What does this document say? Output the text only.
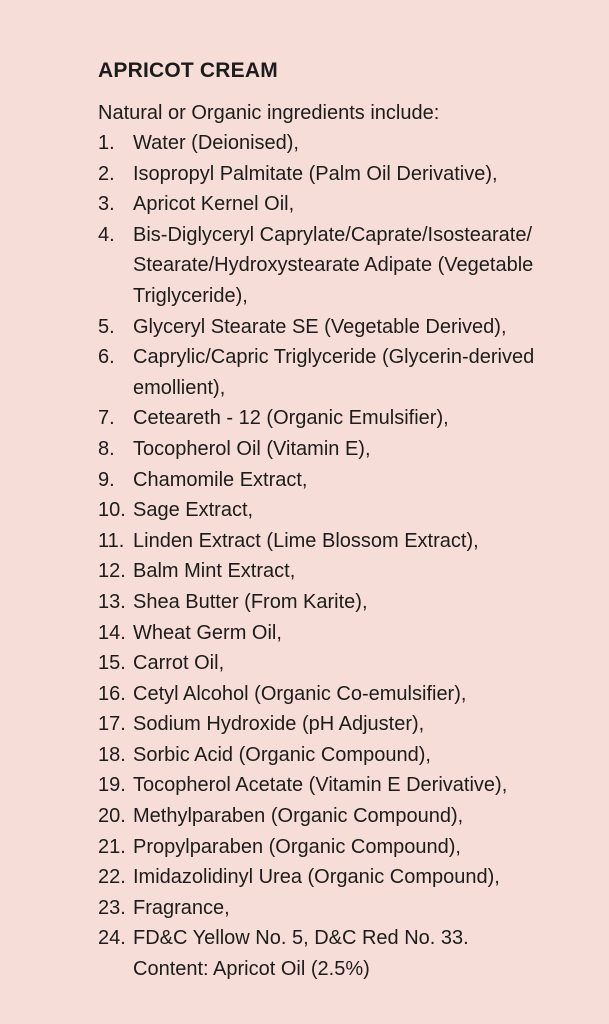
APRICOT CREAM

Natural or Organic ingredients include:

1. Water (Deionised),
2. Isopropyl Palmitate (Palm Oil Derivative),
3. Apricot Kernel Oil,
4. Bis-Diglyceryl Caprylate/Caprate/Isostearate/ Stearate/Hydroxystearate Adipate (Vegetable Triglyceride),
5. Glyceryl Stearate SE (Vegetable Derived),
6. Caprylic/Capric Triglyceride (Glycerin-derived emollient),
7. Ceteareth - 12 (Organic Emulsifier),
8. Tocopherol Oil (Vitamin E),
9. Chamomile Extract,
10. Sage Extract,
11. Linden Extract (Lime Blossom Extract),
12. Balm Mint Extract,
13. Shea Butter (From Karite),
14. Wheat Germ Oil,
15. Carrot Oil,
16. Cetyl Alcohol (Organic Co-emulsifier),
17. Sodium Hydroxide (pH Adjuster),
18. Sorbic Acid (Organic Compound),
19. Tocopherol Acetate (Vitamin E Derivative),
20. Methylparaben (Organic Compound),
21. Propylparaben (Organic Compound),
22. Imidazolidinyl Urea (Organic Compound),
23. Fragrance,
24. FD&C Yellow No. 5, D&C Red No. 33.
Content: Apricot Oil (2.5%)
